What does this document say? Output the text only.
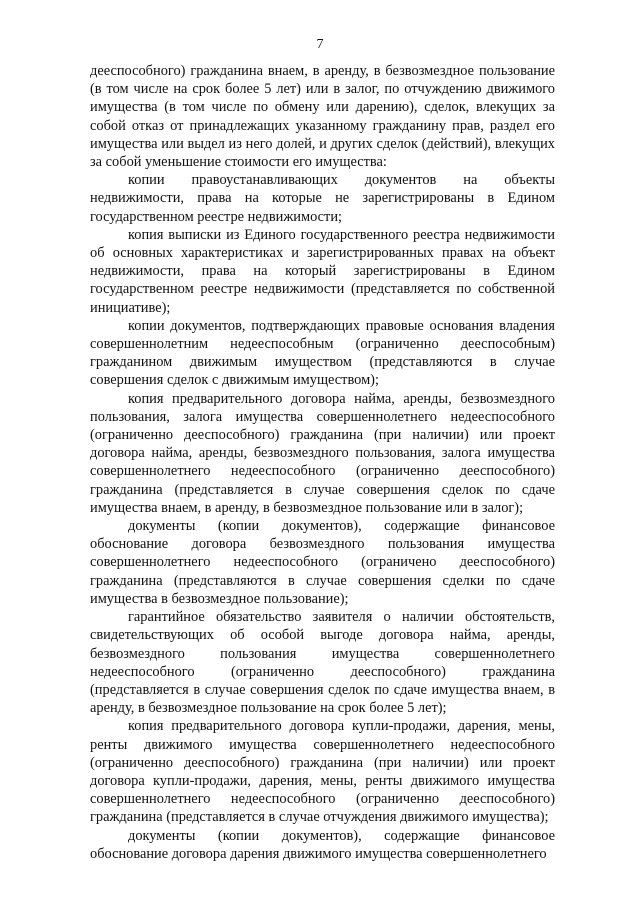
7

дееспособного) гражданина внаем, в аренду, в безвозмездное пользование (в том числе на срок более 5 лет) или в залог, по отчуждению движимого имущества (в том числе по обмену или дарению), сделок, влекущих за собой отказ от принадлежащих указанному гражданину прав, раздел его имущества или выдел из него долей, и других сделок (действий), влекущих за собой уменьшение стоимости его имущества:

копии правоустанавливающих документов на объекты недвижимости, права на которые не зарегистрированы в Едином государственном реестре недвижимости;

копия выписки из Единого государственного реестра недвижимости об основных характеристиках и зарегистрированных правах на объект недвижимости, права на который зарегистрированы в Едином государственном реестре недвижимости (представляется по собственной инициативе);

копии документов, подтверждающих правовые основания владения совершеннолетним недееспособным (ограниченно дееспособным) гражданином движимым имуществом (представляются в случае совершения сделок с движимым имуществом);

копия предварительного договора найма, аренды, безвозмездного пользования, залога имущества совершеннолетнего недееспособного (ограниченно дееспособного) гражданина (при наличии) или проект договора найма, аренды, безвозмездного пользования, залога имущества совершеннолетнего недееспособного (ограниченно дееспособного) гражданина (представляется в случае совершения сделок по сдаче имущества внаем, в аренду, в безвозмездное пользование или в залог);

документы (копии документов), содержащие финансовое обоснование договора безвозмездного пользования имущества совершеннолетнего недееспособного (ограничено дееспособного) гражданина (представляются в случае совершения сделки по сдаче имущества в безвозмездное пользование);

гарантийное обязательство заявителя о наличии обстоятельств, свидетельствующих об особой выгоде договора найма, аренды, безвозмездного пользования имущества совершеннолетнего недееспособного (ограниченно дееспособного) гражданина (представляется в случае совершения сделок по сдаче имущества внаем, в аренду, в безвозмездное пользование на срок более 5 лет);

копия предварительного договора купли-продажи, дарения, мены, ренты движимого имущества совершеннолетнего недееспособного (ограниченно дееспособного) гражданина (при наличии) или проект договора купли-продажи, дарения, мены, ренты движимого имущества совершеннолетнего недееспособного (ограниченно дееспособного) гражданина (представляется в случае отчуждения движимого имущества);

документы (копии документов), содержащие финансовое обоснование договора дарения движимого имущества совершеннолетнего
